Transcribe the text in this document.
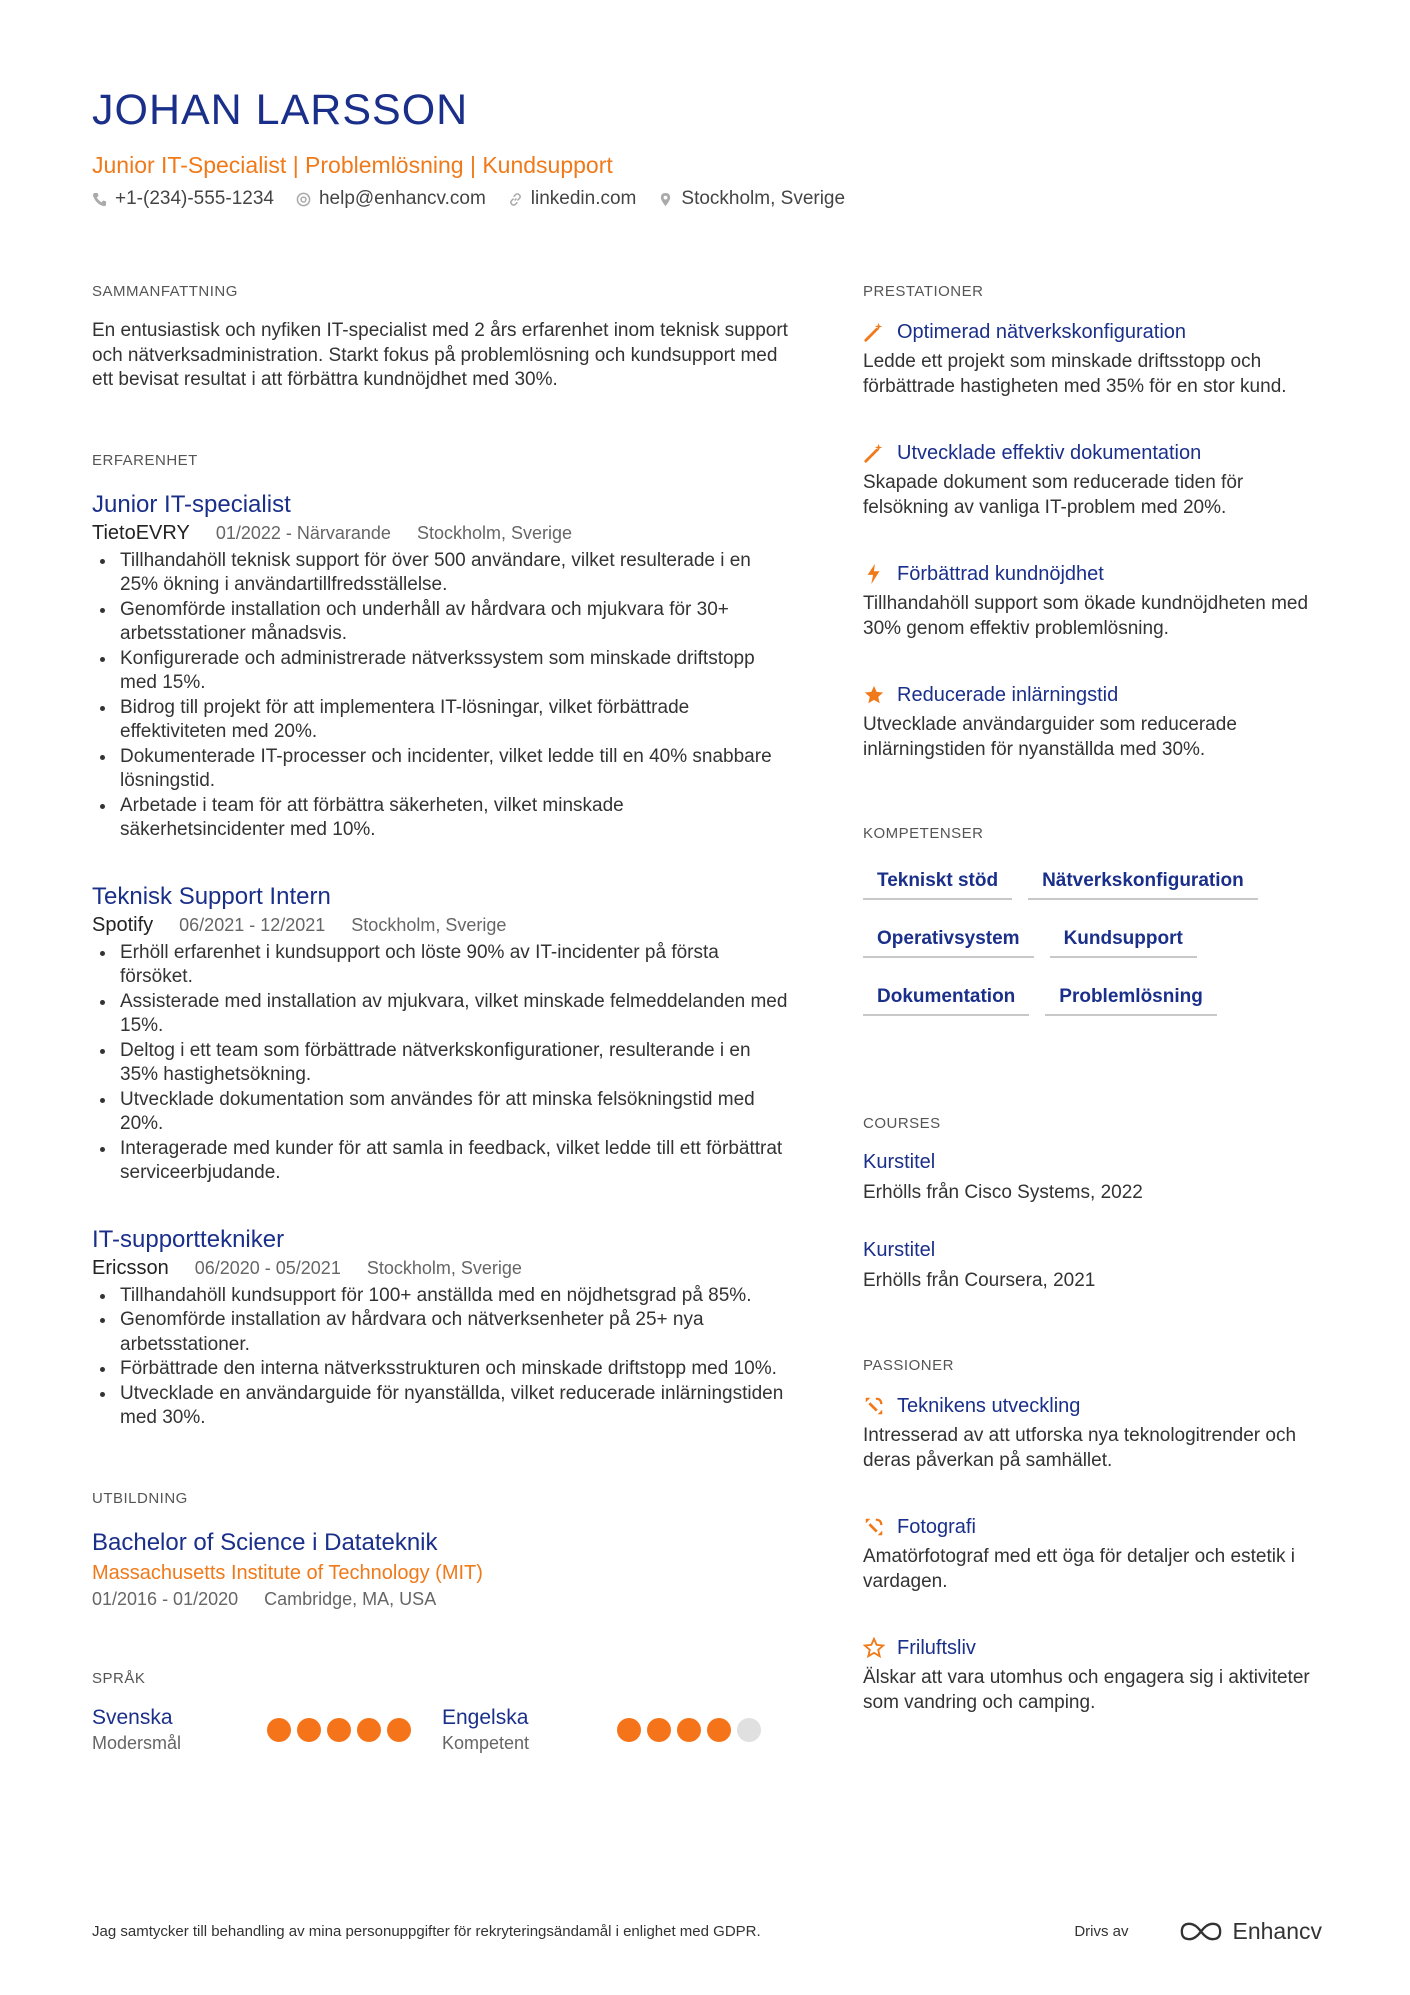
JOHAN LARSSON
Junior IT-Specialist | Problemlösning | Kundsupport
+1-(234)-555-1234 help@enhancv.com linkedin.com Stockholm, Sverige
SAMMANFATTNING
En entusiastisk och nyfiken IT-specialist med 2 års erfarenhet inom teknisk support och nätverksadministration. Starkt fokus på problemlösning och kundsupport med ett bevisat resultat i att förbättra kundnöjdhet med 30%.
ERFARENHET
Junior IT-specialist
TietoEVRY 01/2022 - Närvarande Stockholm, Sverige
Tillhandahöll teknisk support för över 500 användare, vilket resulterade i en 25% ökning i användartillfredsställelse.
Genomförde installation och underhåll av hårdvara och mjukvara för 30+ arbetsstationer månadsvis.
Konfigurerade och administrerade nätverkssystem som minskade driftstopp med 15%.
Bidrog till projekt för att implementera IT-lösningar, vilket förbättrade effektiviteten med 20%.
Dokumenterade IT-processer och incidenter, vilket ledde till en 40% snabbare lösningstid.
Arbetade i team för att förbättra säkerheten, vilket minskade säkerhetsincidenter med 10%.
Teknisk Support Intern
Spotify 06/2021 - 12/2021 Stockholm, Sverige
Erhöll erfarenhet i kundsupport och löste 90% av IT-incidenter på första försöket.
Assisterade med installation av mjukvara, vilket minskade felmeddelanden med 15%.
Deltog i ett team som förbättrade nätverkskonfigurationer, resulterande i en 35% hastighetsökning.
Utvecklade dokumentation som användes för att minska felsökningstid med 20%.
Interagerade med kunder för att samla in feedback, vilket ledde till ett förbättrat serviceerbjudande.
IT-supporttekniker
Ericsson 06/2020 - 05/2021 Stockholm, Sverige
Tillhandahöll kundsupport för 100+ anställda med en nöjdhetsgrad på 85%.
Genomförde installation av hårdvara och nätverksenheter på 25+ nya arbetsstationer.
Förbättrade den interna nätverksstrukturen och minskade driftstopp med 10%.
Utvecklade en användarguide för nyanställda, vilket reducerade inlärningstiden med 30%.
UTBILDNING
Bachelor of Science i Datateknik
Massachusetts Institute of Technology (MIT)
01/2016 - 01/2020 Cambridge, MA, USA
SPRÅK
Svenska
Modersmål
Engelska
Kompetent
PRESTATIONER
Optimerad nätverkskonfiguration
Ledde ett projekt som minskade driftsstopp och förbättrade hastigheten med 35% för en stor kund.
Utvecklade effektiv dokumentation
Skapade dokument som reducerade tiden för felsökning av vanliga IT-problem med 20%.
Förbättrad kundnöjdhet
Tillhandahöll support som ökade kundnöjdheten med 30% genom effektiv problemlösning.
Reducerade inlärningstid
Utvecklade användarguider som reducerade inlärningstiden för nyanställda med 30%.
KOMPETENSER
Tekniskt stöd	Nätverkskonfiguration
Operativsystem	Kundsupport
Dokumentation	Problemlösning
COURSES
Kurstitel
Erhölls från Cisco Systems, 2022
Kurstitel
Erhölls från Coursera, 2021
PASSIONER
Teknikens utveckling
Intresserad av att utforska nya teknologitrender och deras påverkan på samhället.
Fotografi
Amatörfotograf med ett öga för detaljer och estetik i vardagen.
Friluftsliv
Älskar att vara utomhus och engagera sig i aktiviteter som vandring och camping.
Jag samtycker till behandling av mina personuppgifter för rekryteringsändamål i enlighet med GDPR.	Drivs av	Enhancv
